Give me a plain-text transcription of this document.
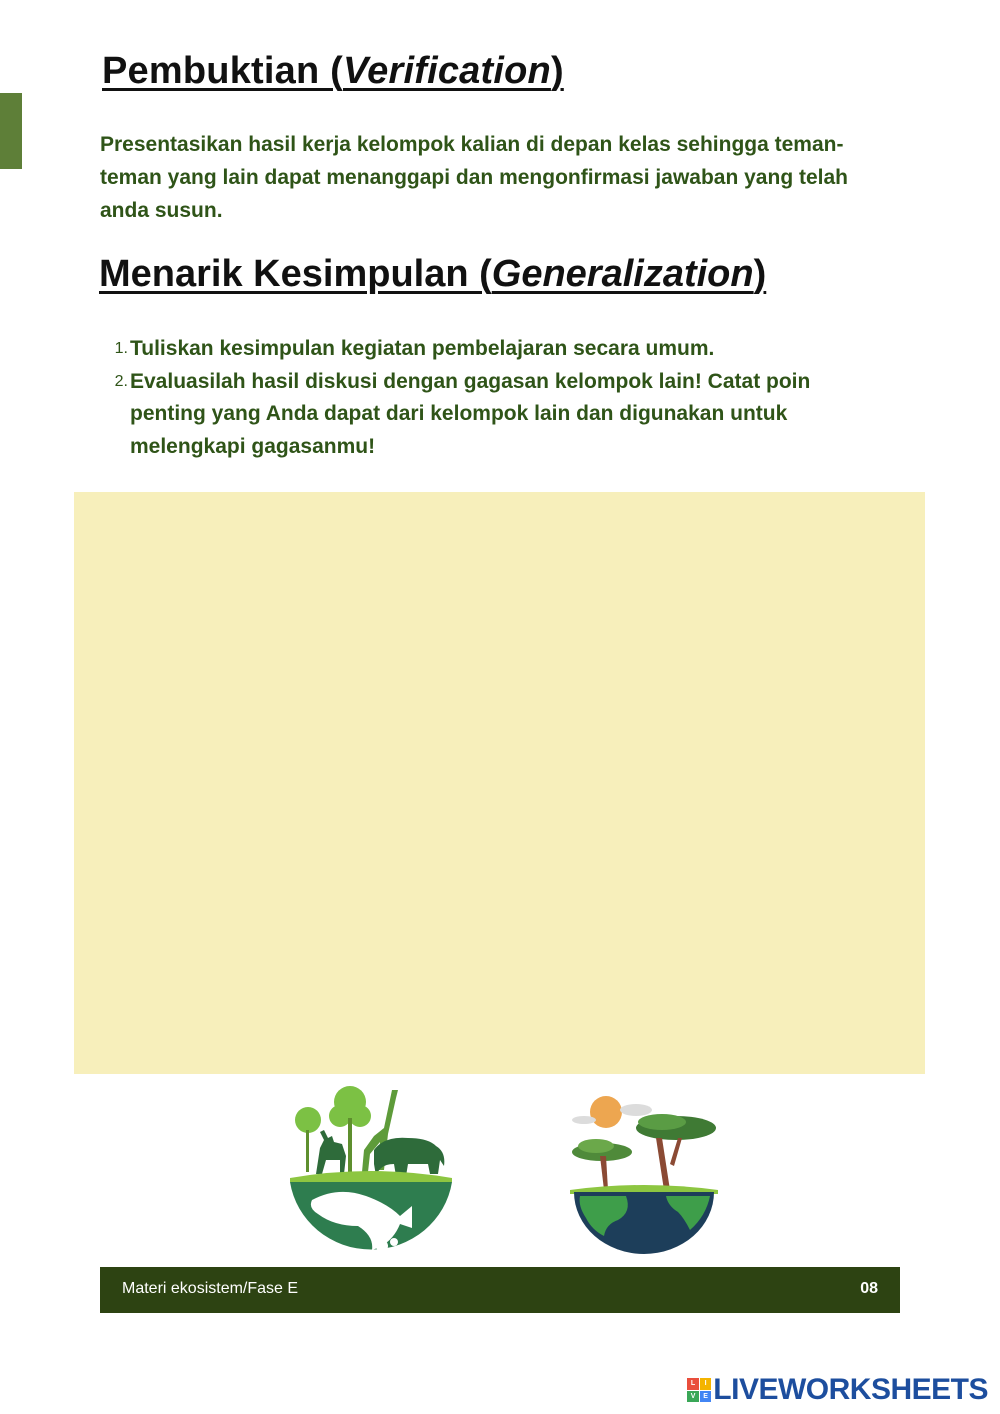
Pembuktian (Verification)

Presentasikan hasil kerja kelompok kalian di depan kelas sehingga teman-teman yang lain dapat menanggapi dan mengonfirmasi jawaban yang telah anda susun.

Menarik Kesimpulan (Generalization)
1. Tuliskan kesimpulan kegiatan pembelajaran secara umum.
2. Evaluasilah hasil diskusi dengan gagasan kelompok lain! Catat poin penting yang Anda dapat dari kelompok lain dan digunakan untuk melengkapi gagasanmu!
Materi ekosistem/Fase E	08
L	I
V	E LIVEWORKSHEETS
